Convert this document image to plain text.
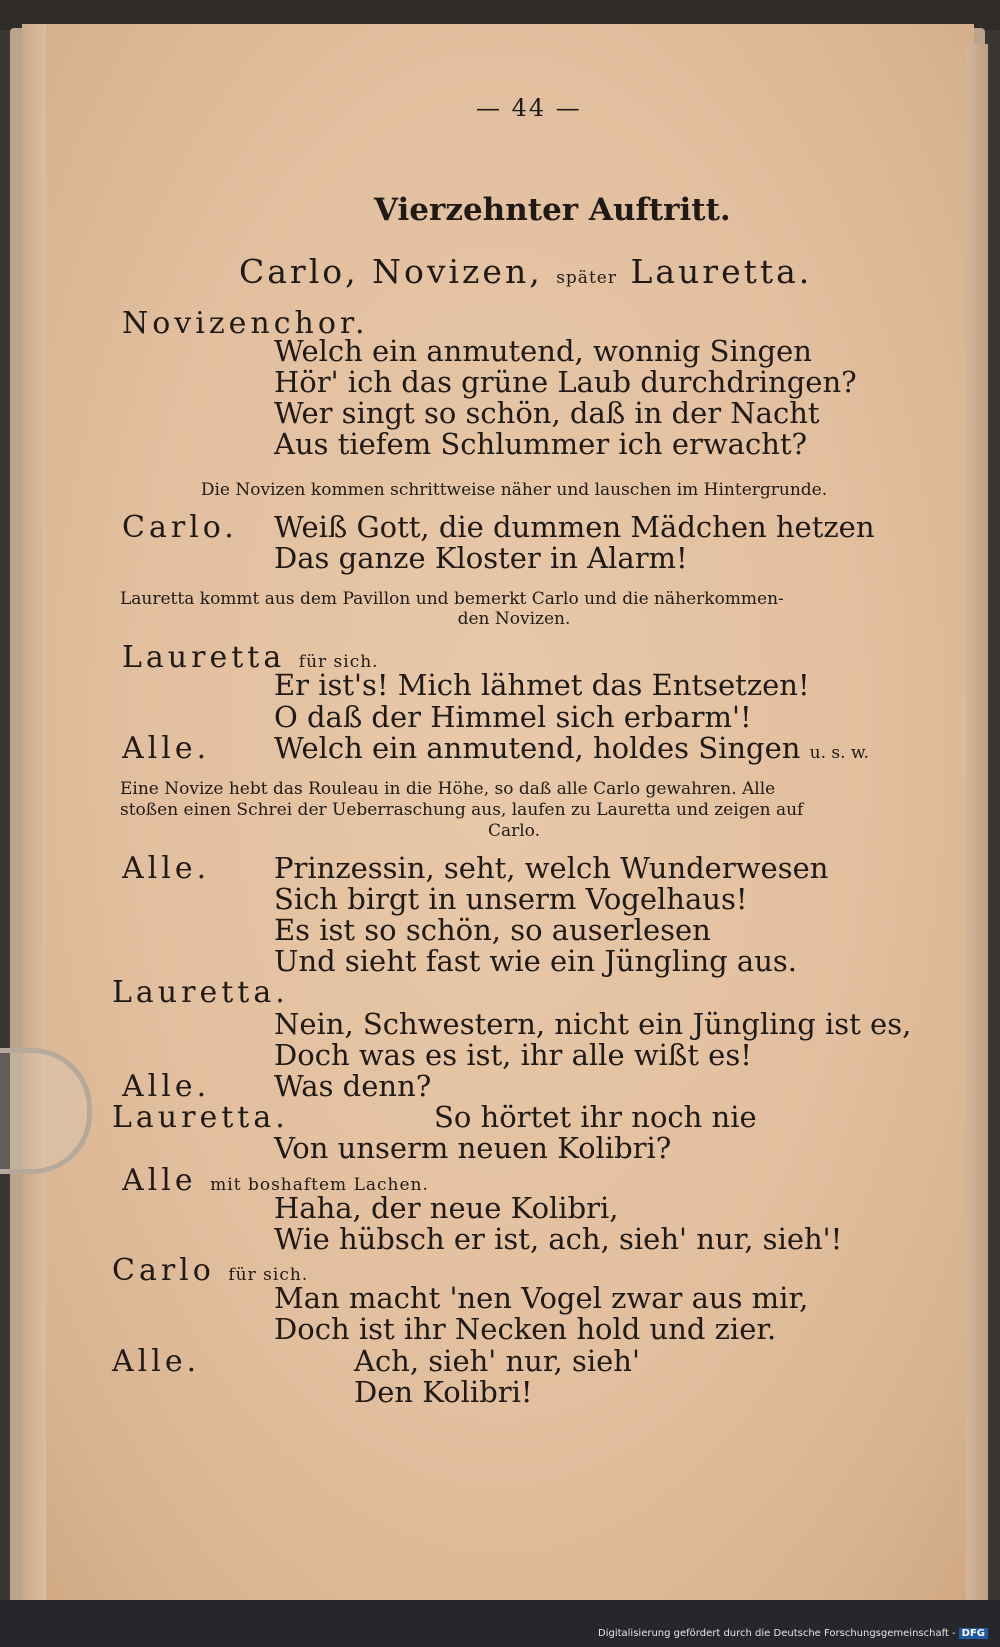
— 44 —
Vierzehnter Auftritt.
Carlo, Novizen, später Lauretta.
Novizenchor.
Welch ein anmutend, wonnig Singen
Hör' ich das grüne Laub durchdringen?
Wer singt so schön, daß in der Nacht
Aus tiefem Schlummer ich erwacht?
Die Novizen kommen schrittweise näher und lauschen im Hintergrunde.
Carlo. Weiß Gott, die dummen Mädchen hetzen
Das ganze Kloster in Alarm!
Lauretta kommt aus dem Pavillon und bemerkt Carlo und die näherkommen-
den Novizen.
Lauretta für sich.
Er ist's! Mich lähmet das Entsetzen!
O daß der Himmel sich erbarm'!
Alle. Welch ein anmutend, holdes Singen u. s. w.
Eine Novize hebt das Rouleau in die Höhe, so daß alle Carlo gewahren. Alle
stoßen einen Schrei der Ueberraschung aus, laufen zu Lauretta und zeigen auf
Carlo.
Alle. Prinzessin, seht, welch Wunderwesen
Sich birgt in unserm Vogelhaus!
Es ist so schön, so auserlesen
Und sieht fast wie ein Jüngling aus.
Lauretta.
Nein, Schwestern, nicht ein Jüngling ist es,
Doch was es ist, ihr alle wißt es!
Alle. Was denn?
Lauretta.	So hörtet ihr noch nie
Von unserm neuen Kolibri?
Alle mit boshaftem Lachen.
Haha, der neue Kolibri,
Wie hübsch er ist, ach, sieh' nur, sieh'!
Carlo für sich.
Man macht 'nen Vogel zwar aus mir,
Doch ist ihr Necken hold und zier.
Alle.	Ach, sieh' nur, sieh'
Den Kolibri!
Digitalisierung gefördert durch die Deutsche Forschungsgemeinschaft - DFG
